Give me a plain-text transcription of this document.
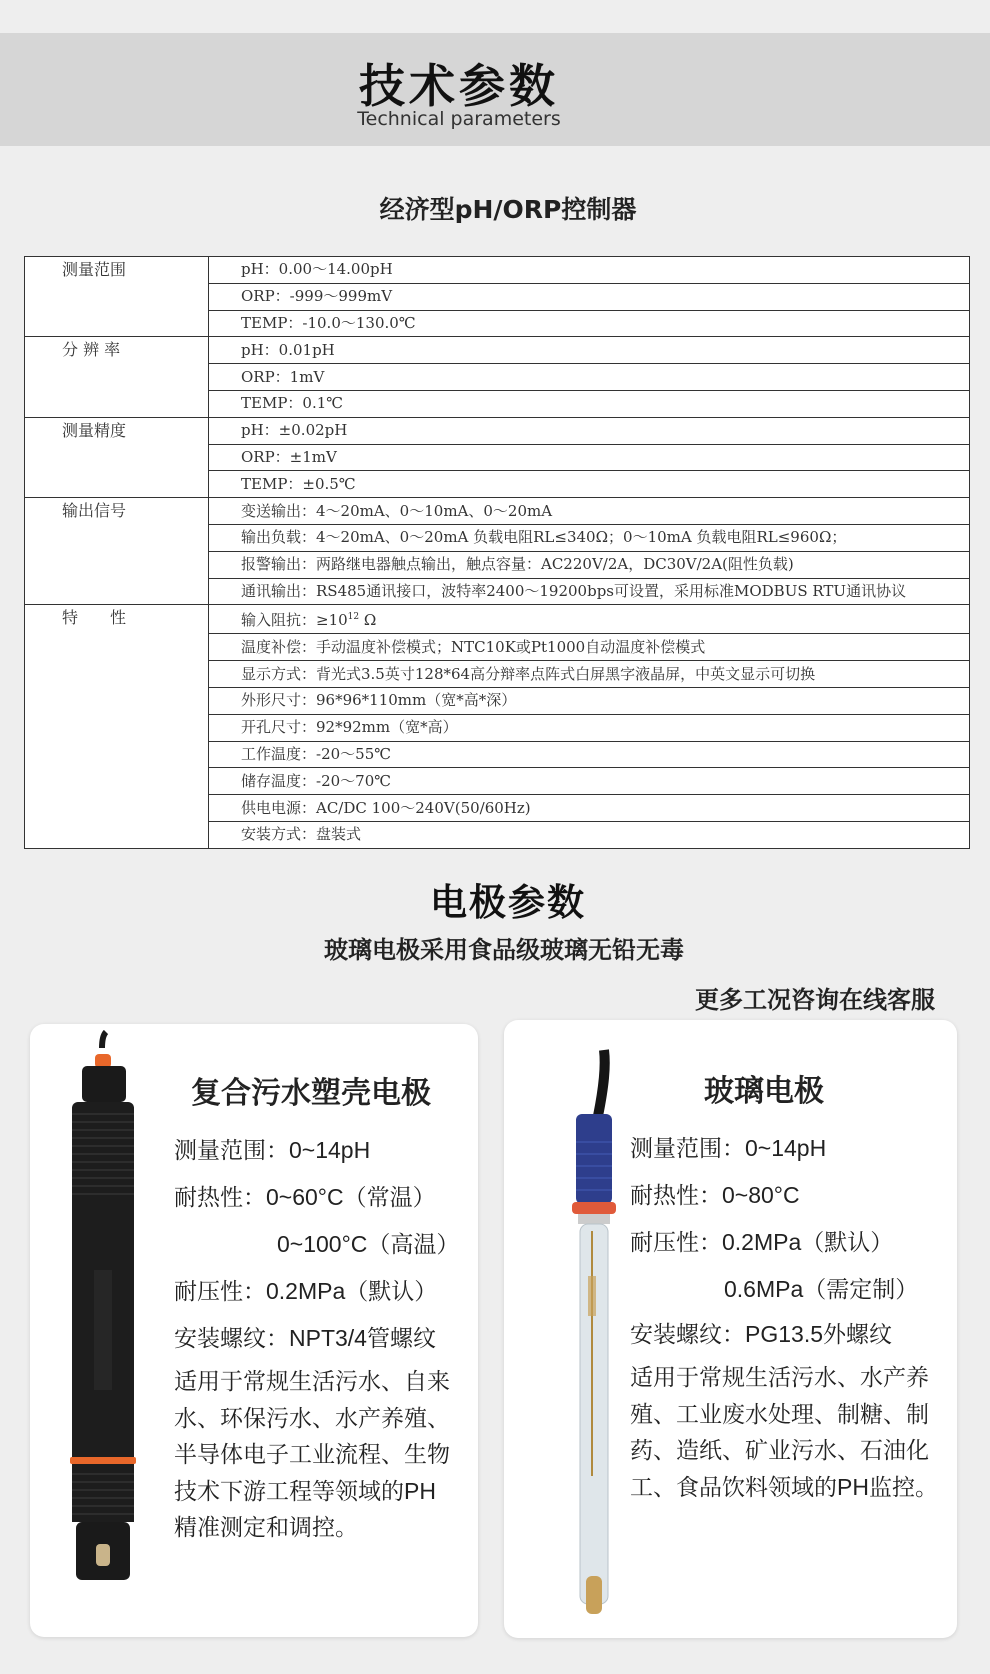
技术参数
Technical parameters
经济型pH/ORP控制器
测量范围	pH：0.00～14.00pH
	ORP：-999～999mV
	TEMP：-10.0～130.0℃
分 辨 率	pH：0.01pH
	ORP：1mV
	TEMP：0.1℃
测量精度	pH：±0.02pH
	ORP：±1mV
	TEMP：±0.5℃
输出信号	变送输出：4～20mA、0～10mA、0～20mA
	输出负载：4～20mA、0～20mA 负载电阻RL≤340Ω；0～10mA 负载电阻RL≤960Ω；
	报警输出：两路继电器触点输出，触点容量：AC220V/2A，DC30V/2A(阻性负载)
	通讯输出：RS485通讯接口，波特率2400～19200bps可设置，采用标准MODBUS RTU通讯协议
特　　性	输入阻抗：$\ge 10^{12}$ Ω
	温度补偿：手动温度补偿模式；NTC10K或Pt1000自动温度补偿模式
	显示方式：背光式3.5英寸128*64高分辩率点阵式白屏黑字液晶屏，中英文显示可切换
	外形尺寸：96*96*110mm（宽*高*深）
	开孔尺寸：92*92mm（宽*高）
	工作温度：-20～55℃
	储存温度：-20～70℃
	供电电源：AC/DC 100～240V(50/60Hz)
	安装方式：盘装式
电极参数
玻璃电极采用食品级玻璃无铅无毒
更多工况咨询在线客服
复合污水塑壳电极
测量范围：0~14pH
耐热性：0~60°C（常温）
0~100°C（高温）
耐压性：0.2MPa（默认）
安装螺纹：NPT3/4管螺纹
适用于常规生活污水、自来
水、环保污水、水产养殖、
半导体电子工业流程、生物
技术下游工程等领域的PH
精准测定和调控。
玻璃电极
测量范围：0~14pH
耐热性：0~80°C
耐压性：0.2MPa（默认）
0.6MPa（需定制）
安装螺纹：PG13.5外螺纹
适用于常规生活污水、水产养
殖、工业废水处理、制糖、制
药、造纸、矿业污水、石油化
工、食品饮料领域的PH监控。
